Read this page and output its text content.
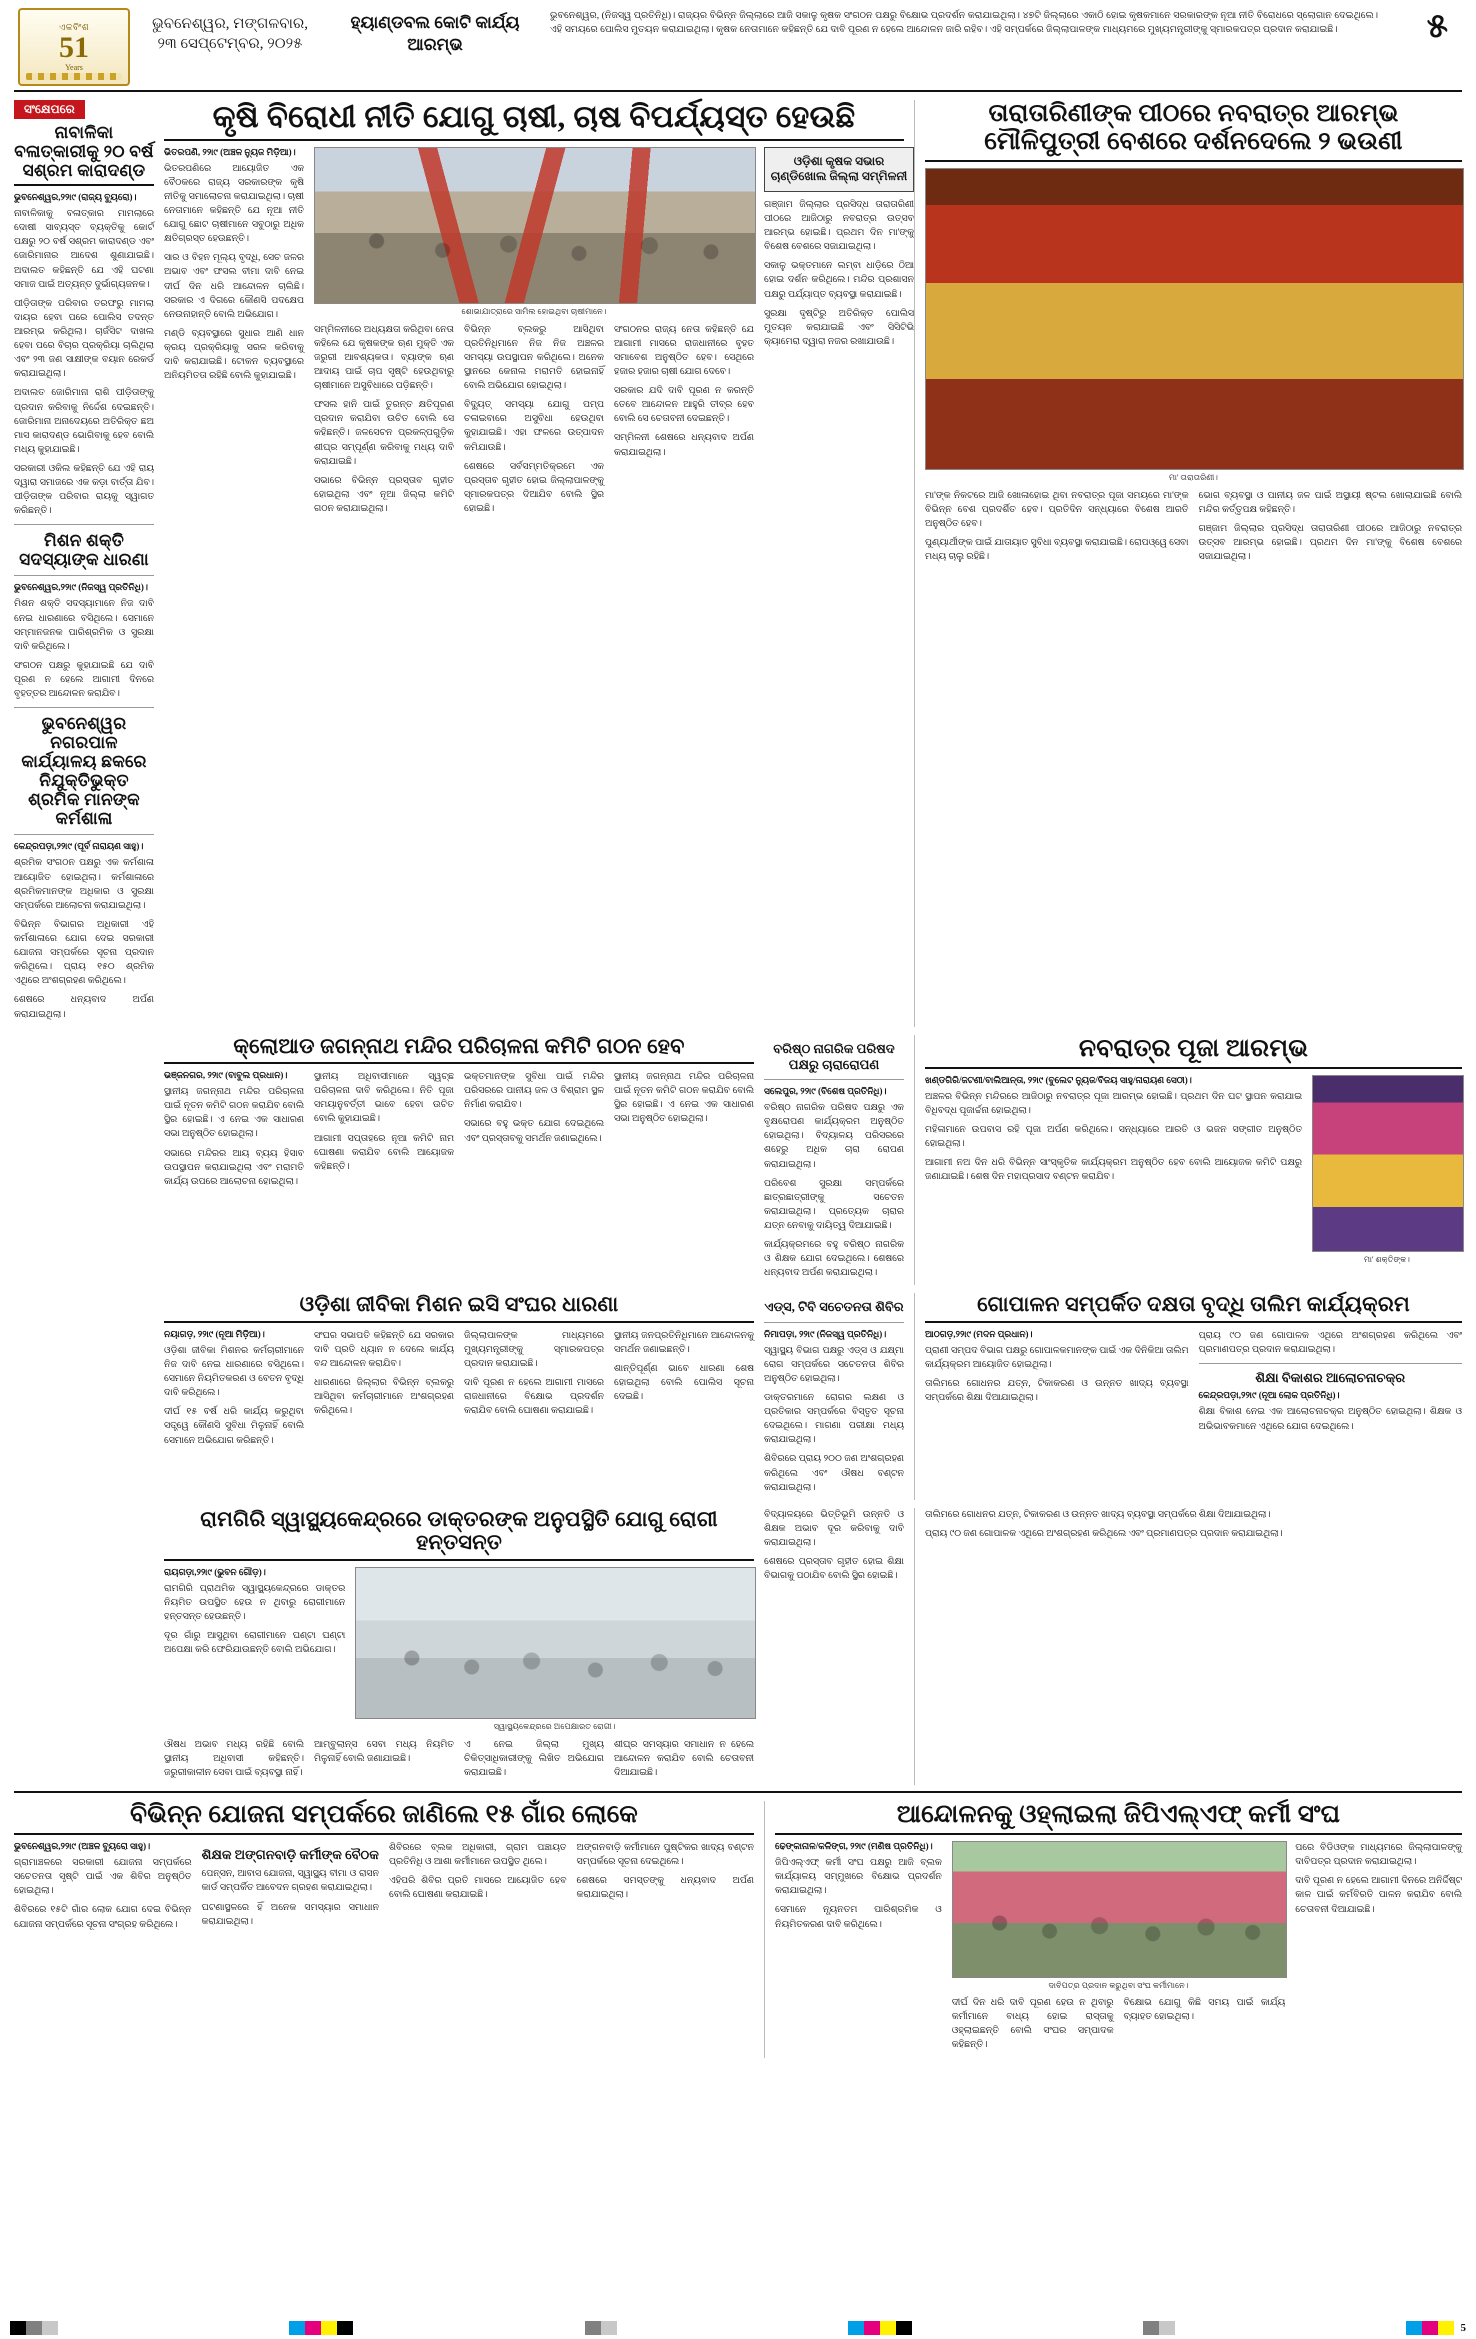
ଏକବିଂଶ
51
Years
ଭୁବନେଶ୍ୱର, ମଙ୍ଗଳବାର,
୨୩ ସେପ୍ଟେମ୍ବର, ୨୦୨୫
ହ୍ୟାଣ୍ଡବଲ କୋଟି କାର୍ଯ୍ୟ ଆରମ୍ଭ
ଭୁବନେଶ୍ୱର, (ନିଜସ୍ୱ ପ୍ରତିନିଧି)। ରାଜ୍ୟର ବିଭିନ୍ନ ଜିଲ୍ଲାରେ ଆଜି ସକାଳୁ କୃଷକ ସଂଗଠନ ପକ୍ଷରୁ ବିକ୍ଷୋଭ ପ୍ରଦର୍ଶନ କରାଯାଇଥିଲା। ୪୭ଟି ଜିଲ୍ଲାରେ ଏକାଠି ହୋଇ କୃଷକମାନେ ସରକାରଙ୍କ ନୂଆ ନୀତି ବିରୋଧରେ ସ୍ଲୋଗାନ ଦେଇଥିଲେ। ଏହି ସମୟରେ ପୋଲିସ ମୁତୟନ କରାଯାଇଥିଲା। କୃଷକ ନେତାମାନେ କହିଛନ୍ତି ଯେ ଦାବି ପୂରଣ ନ ହେଲେ ଆନ୍ଦୋଳନ ଜାରି ରହିବ। ଏହି ସମ୍ପର୍କରେ ଜିଲ୍ଲାପାଳଙ୍କ ମାଧ୍ୟମରେ ମୁଖ୍ୟମନ୍ତ୍ରୀଙ୍କୁ ସ୍ମାରକପତ୍ର ପ୍ରଦାନ କରାଯାଇଛି।	୫
ସଂକ୍ଷେପରେ
ନାବାଳିକା ବଳାତ୍କାରୀକୁ ୨୦ ବର୍ଷ ସଶ୍ରମ କାରାଦଣ୍ଡ
ଭୁବନେଶ୍ୱର,୨୨ା୯ (ରାଜ୍ୟ ବ୍ୟୁରୋ)।

ନାବାଳିକାକୁ ବଳାତ୍କାର ମାମଲାରେ ଦୋଷୀ ସାବ୍ୟସ୍ତ ବ୍ୟକ୍ତିକୁ କୋର୍ଟ ପକ୍ଷରୁ ୨୦ ବର୍ଷ ସଶ୍ରମ କାରାଦଣ୍ଡ ଏବଂ ଜୋରିମାନାର ଆଦେଶ ଶୁଣାଯାଇଛି। ଅଦାଲତ କହିଛନ୍ତି ଯେ ଏହି ଘଟଣା ସମାଜ ପାଇଁ ଅତ୍ୟନ୍ତ ଦୁର୍ଭାଗ୍ୟଜନକ।

ପୀଡ଼ିତାଙ୍କ ପରିବାର ତରଫରୁ ମାମଲା ଦାୟର ହେବା ପରେ ପୋଲିସ ତଦନ୍ତ ଆରମ୍ଭ କରିଥିଲା। ଚାର୍ଜସିଟ ଦାଖଲ ହେବା ପରେ ବିଚାର ପ୍ରକ୍ରିୟା ଚାଲିଥିଲା ଏବଂ ୨୩ ଜଣ ସାକ୍ଷୀଙ୍କ ବୟାନ ରେକର୍ଡ କରାଯାଇଥିଲା।

ଅଦାଲତ ଜୋରିମାନା ରାଶି ପୀଡ଼ିତାଙ୍କୁ ପ୍ରଦାନ କରିବାକୁ ନିର୍ଦ୍ଦେଶ ଦେଇଛନ୍ତି। ଜୋରିମାନା ଅନାଦେୟରେ ଅତିରିକ୍ତ ଛଅ ମାସ କାରାଦଣ୍ଡ ଭୋଗିବାକୁ ହେବ ବୋଲି ମଧ୍ୟ କୁହାଯାଇଛି।

ସରକାରୀ ଓକିଲ କହିଛନ୍ତି ଯେ ଏହି ରାୟ ଦ୍ୱାରା ସମାଜରେ ଏକ କଡ଼ା ବାର୍ତ୍ତା ଯିବ। ପୀଡ଼ିତାଙ୍କ ପରିବାର ରାୟକୁ ସ୍ୱାଗତ କରିଛନ୍ତି।

ମିଶନ ଶକ୍ତି ସଦସ୍ୟାଙ୍କ ଧାରଣା
ଭୁବନେଶ୍ୱର,୨୨ା୯ (ନିଜସ୍ୱ ପ୍ରତିନିଧି)।

ମିଶନ ଶକ୍ତି ସଦସ୍ୟାମାନେ ନିଜ ଦାବି ନେଇ ଧାରଣାରେ ବସିଥିଲେ। ସେମାନେ ସମ୍ମାନଜନକ ପାରିଶ୍ରମିକ ଓ ସୁରକ୍ଷା ଦାବି କରିଥିଲେ।

ସଂଗଠନ ପକ୍ଷରୁ କୁହାଯାଇଛି ଯେ ଦାବି ପୂରଣ ନ ହେଲେ ଆଗାମୀ ଦିନରେ ବୃହତ୍ତର ଆନ୍ଦୋଳନ କରାଯିବ।

ଭୁବନେଶ୍ୱର ନଗରପାଳ କାର୍ଯ୍ୟାଳୟ ଛକରେ ନିଯୁକ୍ତିଭୁକ୍ତ ଶ୍ରମିକ ମାନଙ୍କ କର୍ମଶାଳା
କେନ୍ଦ୍ରପଡ଼ା,୨୨ା୯ (ପୂର୍ବ ନାରାୟଣ ସାହୁ)।

ଶ୍ରମିକ ସଂଗଠନ ପକ୍ଷରୁ ଏକ କର୍ମଶାଳା ଆୟୋଜିତ ହୋଇଥିଲା। କର୍ମଶାଳାରେ ଶ୍ରମିକମାନଙ୍କ ଅଧିକାର ଓ ସୁରକ୍ଷା ସମ୍ପର୍କରେ ଆଲୋଚନା କରାଯାଇଥିଲା।

ବିଭିନ୍ନ ବିଭାଗର ଅଧିକାରୀ ଏହି କର୍ମଶାଳାରେ ଯୋଗ ଦେଇ ସରକାରୀ ଯୋଜନା ସମ୍ପର୍କରେ ସୂଚନା ପ୍ରଦାନ କରିଥିଲେ। ପ୍ରାୟ ୧୫୦ ଶ୍ରମିକ ଏଥିରେ ଅଂଶଗ୍ରହଣ କରିଥିଲେ।

ଶେଷରେ ଧନ୍ୟବାଦ ଅର୍ପଣ କରାଯାଇଥିଲା।

କୃଷି ବିରୋଧୀ ନୀତି ଯୋଗୁ ଚାଷୀ, ଚାଷ ବିପର୍ଯ୍ୟସ୍ତ ହେଉଛି
ଭିତରପଣି, ୨୨ା୯ (ଅଞ୍ଚଳ ନ୍ୟୁଜ ମିଡ଼ିଆ)।

ଭିତରପଣିରେ ଆୟୋଜିତ ଏକ ବୈଠକରେ ରାଜ୍ୟ ସରକାରଙ୍କ କୃଷି ନୀତିକୁ ସମାଲୋଚନା କରାଯାଇଥିଲା। ଚାଷୀ ନେତାମାନେ କହିଛନ୍ତି ଯେ ନୂଆ ନୀତି ଯୋଗୁ ଛୋଟ ଚାଷୀମାନେ ସବୁଠାରୁ ଅଧିକ କ୍ଷତିଗ୍ରସ୍ତ ହେଉଛନ୍ତି।

ସାର ଓ ବିହନ ମୂଲ୍ୟ ବୃଦ୍ଧି, ସେଚ ଜଳର ଅଭାବ ଏବଂ ଫସଲ ବୀମା ଦାବି ନେଇ ଦୀର୍ଘ ଦିନ ଧରି ଆନ୍ଦୋଳନ ଚାଲିଛି। ସରକାର ଏ ଦିଗରେ କୌଣସି ପଦକ୍ଷେପ ନେଉନାହାନ୍ତି ବୋଲି ଅଭିଯୋଗ।

ମଣ୍ଡି ବ୍ୟବସ୍ଥାରେ ସୁଧାର ଆଣି ଧାନ କ୍ରୟ ପ୍ରକ୍ରିୟାକୁ ସରଳ କରିବାକୁ ଦାବି କରାଯାଇଛି। ଟୋକନ ବ୍ୟବସ୍ଥାରେ ଅନିୟମିତତା ରହିଛି ବୋଲି କୁହାଯାଇଛି।

ଶୋଭାଯାତ୍ରାରେ ସାମିଲ ହୋଇଥିବା ଚାଷୀମାନେ।

ସମ୍ମିଳନୀରେ ଅଧ୍ୟକ୍ଷତା କରିଥିବା ନେତା କହିଲେ ଯେ କୃଷକଙ୍କ ଋଣ ମୁକ୍ତି ଏକ ଜରୁରୀ ଆବଶ୍ୟକତା। ବ୍ୟାଙ୍କ ଋଣ ଆଦାୟ ପାଇଁ ଚାପ ସୃଷ୍ଟି ହେଉଥିବାରୁ ଚାଷୀମାନେ ଅସୁବିଧାରେ ପଡ଼ିଛନ୍ତି।

ଫସଲ ହାନି ପାଇଁ ତୁରନ୍ତ କ୍ଷତିପୂରଣ ପ୍ରଦାନ କରାଯିବା ଉଚିତ ବୋଲି ସେ କହିଛନ୍ତି। ଜଳସେଚନ ପ୍ରକଳ୍ପଗୁଡ଼ିକ ଶୀଘ୍ର ସମ୍ପୂର୍ଣ୍ଣ କରିବାକୁ ମଧ୍ୟ ଦାବି କରାଯାଇଛି।

ସଭାରେ ବିଭିନ୍ନ ପ୍ରସ୍ତାବ ଗୃହୀତ ହୋଇଥିଲା ଏବଂ ନୂଆ ଜିଲ୍ଲା କମିଟି ଗଠନ କରାଯାଇଥିଲା।

ବିଭିନ୍ନ ବ୍ଲକରୁ ଆସିଥିବା ପ୍ରତିନିଧିମାନେ ନିଜ ନିଜ ଅଞ୍ଚଳର ସମସ୍ୟା ଉପସ୍ଥାପନ କରିଥିଲେ। ଅନେକ ସ୍ଥାନରେ କେନାଲ ମରାମତି ହୋଇନାହିଁ ବୋଲି ଅଭିଯୋଗ ହୋଇଥିଲା।

ବିଦ୍ୟୁତ୍ ସମସ୍ୟା ଯୋଗୁ ପମ୍ପ ଚଳାଇବାରେ ଅସୁବିଧା ହେଉଥିବା କୁହାଯାଇଛି। ଏହା ଫଳରେ ଉତ୍ପାଦନ କମିଯାଉଛି।

ଶେଷରେ ସର୍ବସମ୍ମତିକ୍ରମେ ଏକ ପ୍ରସ୍ତାବ ଗୃହୀତ ହୋଇ ଜିଲ୍ଲାପାଳଙ୍କୁ ସ୍ମାରକପତ୍ର ଦିଆଯିବ ବୋଲି ସ୍ଥିର ହୋଇଛି।

ସଂଗଠନର ରାଜ୍ୟ ନେତା କହିଛନ୍ତି ଯେ ଆଗାମୀ ମାସରେ ରାଜଧାନୀରେ ବୃହତ ସମାବେଶ ଅନୁଷ୍ଠିତ ହେବ। ସେଥିରେ ହଜାର ହଜାର ଚାଷୀ ଯୋଗ ଦେବେ।

ସରକାର ଯଦି ଦାବି ପୂରଣ ନ କରନ୍ତି ତେବେ ଆନ୍ଦୋଳନ ଆହୁରି ତୀବ୍ର ହେବ ବୋଲି ସେ ଚେତାବନୀ ଦେଇଛନ୍ତି।

ସମ୍ମିଳନୀ ଶେଷରେ ଧନ୍ୟବାଦ ଅର୍ପଣ କରାଯାଇଥିଲା।

ଓଡ଼ିଶା କୃଷକ ସଭାର ଚାଣ୍ଡିଖୋଲ ଜିଲ୍ଲା ସମ୍ମିଳନୀ

ଗଞ୍ଜାମ ଜିଲ୍ଲାର ପ୍ରସିଦ୍ଧ ତାରାତାରିଣୀ ପୀଠରେ ଆଜିଠାରୁ ନବରାତ୍ର ଉତ୍ସବ ଆରମ୍ଭ ହୋଇଛି। ପ୍ରଥମ ଦିନ ମା'ଙ୍କୁ ବିଶେଷ ବେଶରେ ସଜାଯାଇଥିଲା।

ସକାଳୁ ଭକ୍ତମାନେ ଲମ୍ବା ଧାଡ଼ିରେ ଠିଆ ହୋଇ ଦର୍ଶନ କରିଥିଲେ। ମନ୍ଦିର ପ୍ରଶାସନ ପକ୍ଷରୁ ପର୍ଯ୍ୟାପ୍ତ ବ୍ୟବସ୍ଥା କରାଯାଇଛି।

ସୁରକ୍ଷା ଦୃଷ୍ଟିରୁ ଅତିରିକ୍ତ ପୋଲିସ ମୁତୟନ କରାଯାଇଛି ଏବଂ ସିସିଟିଭି କ୍ୟାମେରା ଦ୍ୱାରା ନଜର ରଖାଯାଉଛି।

ତାରାତାରିଣୀଙ୍କ ପୀଠରେ ନବରାତ୍ର ଆରମ୍ଭ
ମୌଳିପୁତ୍ରୀ ବେଶରେ ଦର୍ଶନଦେଲେ ୨ ଭଉଣୀ
ମା' ତାରାତାରିଣୀ।

ମା'ଙ୍କ ନିକଟରେ ଆଜି ଖୋଳାହୋଇ ଥିବା ନବରାତ୍ର ପୂଜା ସମୟରେ ମା'ଙ୍କ ବିଭିନ୍ନ ବେଶ ପ୍ରଦର୍ଶିତ ହେବ। ପ୍ରତିଦିନ ସନ୍ଧ୍ୟାରେ ବିଶେଷ ଆରତି ଅନୁଷ୍ଠିତ ହେବ।

ପୁଣ୍ୟାର୍ଥୀଙ୍କ ପାଇଁ ଯାତାୟାତ ସୁବିଧା ବ୍ୟବସ୍ଥା କରାଯାଇଛି। ରୋପଓ୍ୱେ ସେବା ମଧ୍ୟ ଚାଲୁ ରହିଛି।

ଭୋଗ ବ୍ୟବସ୍ଥା ଓ ପାନୀୟ ଜଳ ପାଇଁ ଅସ୍ଥାୟୀ ଷ୍ଟଲ ଖୋଲାଯାଇଛି ବୋଲି ମନ୍ଦିର କର୍ତ୍ତୃପକ୍ଷ କହିଛନ୍ତି।

ଗଞ୍ଜାମ ଜିଲ୍ଲାର ପ୍ରସିଦ୍ଧ ତାରାତାରିଣୀ ପୀଠରେ ଆଜିଠାରୁ ନବରାତ୍ର ଉତ୍ସବ ଆରମ୍ଭ ହୋଇଛି। ପ୍ରଥମ ଦିନ ମା'ଙ୍କୁ ବିଶେଷ ବେଶରେ ସଜାଯାଇଥିଲା।

କ୍ଲୋଆଡ ଜଗନ୍ନାଥ ମନ୍ଦିର ପରିଚାଳନା କମିଟି ଗଠନ ହେବ
ଭଞ୍ଜନଗର, ୨୨ା୯ (ବାବୁଲ ପ୍ରଧାନ)।

ସ୍ଥାନୀୟ ଜଗନ୍ନାଥ ମନ୍ଦିର ପରିଚାଳନା ପାଇଁ ନୂତନ କମିଟି ଗଠନ କରାଯିବ ବୋଲି ସ୍ଥିର ହୋଇଛି। ଏ ନେଇ ଏକ ସାଧାରଣ ସଭା ଅନୁଷ୍ଠିତ ହୋଇଥିଲା।

ସଭାରେ ମନ୍ଦିରର ଆୟ ବ୍ୟୟ ହିସାବ ଉପସ୍ଥାପନ କରାଯାଇଥିଲା ଏବଂ ମରାମତି କାର୍ଯ୍ୟ ଉପରେ ଆଲୋଚନା ହୋଇଥିଲା।

ସ୍ଥାନୀୟ ଅଧିବାସୀମାନେ ସ୍ୱଚ୍ଛ ପରିଚାଳନା ଦାବି କରିଥିଲେ। ନିତି ପୂଜା ସମୟାନୁବର୍ତ୍ତୀ ଭାବେ ହେବା ଉଚିତ ବୋଲି କୁହାଯାଇଛି।

ଆଗାମୀ ସପ୍ତାହରେ ନୂଆ କମିଟି ନାମ ଘୋଷଣା କରାଯିବ ବୋଲି ଆୟୋଜକ କହିଛନ୍ତି।

ଭକ୍ତମାନଙ୍କ ସୁବିଧା ପାଇଁ ମନ୍ଦିର ପରିସରରେ ପାନୀୟ ଜଳ ଓ ବିଶ୍ରାମ ସ୍ଥଳ ନିର୍ମାଣ କରାଯିବ।

ସଭାରେ ବହୁ ଭକ୍ତ ଯୋଗ ଦେଇଥିଲେ ଏବଂ ପ୍ରସ୍ତାବକୁ ସମର୍ଥନ ଜଣାଇଥିଲେ।

ସ୍ଥାନୀୟ ଜଗନ୍ନାଥ ମନ୍ଦିର ପରିଚାଳନା ପାଇଁ ନୂତନ କମିଟି ଗଠନ କରାଯିବ ବୋଲି ସ୍ଥିର ହୋଇଛି। ଏ ନେଇ ଏକ ସାଧାରଣ ସଭା ଅନୁଷ୍ଠିତ ହୋଇଥିଲା।

ବରିଷ୍ଠ ନାଗରିକ ପରିଷଦ ପକ୍ଷରୁ ଚାରାରୋପଣ
ସଲେପୁର, ୨୨ା୯ (ବିଶେଷ ପ୍ରତିନିଧି)।

ବରିଷ୍ଠ ନାଗରିକ ପରିଷଦ ପକ୍ଷରୁ ଏକ ବୃକ୍ଷରୋପଣ କାର୍ଯ୍ୟକ୍ରମ ଅନୁଷ୍ଠିତ ହୋଇଥିଲା। ବିଦ୍ୟାଳୟ ପରିସରରେ ଶହେରୁ ଅଧିକ ଚାରା ରୋପଣ କରାଯାଇଥିଲା।

ପରିବେଶ ସୁରକ୍ଷା ସମ୍ପର୍କରେ ଛାତ୍ରଛାତ୍ରୀଙ୍କୁ ସଚେତନ କରାଯାଇଥିଲା। ପ୍ରତ୍ୟେକ ଚାରାର ଯତ୍ନ ନେବାକୁ ଦାୟିତ୍ୱ ଦିଆଯାଇଛି।

କାର୍ଯ୍ୟକ୍ରମରେ ବହୁ ବରିଷ୍ଠ ନାଗରିକ ଓ ଶିକ୍ଷକ ଯୋଗ ଦେଇଥିଲେ। ଶେଷରେ ଧନ୍ୟବାଦ ଅର୍ପଣ କରାଯାଇଥିଲା।

ନବରାତ୍ର ପୂଜା ଆରମ୍ଭ
ଖଣ୍ଡଗିରି/ଜଟଣୀ/ବାଲିଆନ୍ତା, ୨୨ା୯ (ବୁଲେଟ ନ୍ୟୁଜ/ବିଜୟ ସାହୁ/ନାରାୟଣ ସେଠୀ)।

ଅଞ୍ଚଳର ବିଭିନ୍ନ ମନ୍ଦିରରେ ଆଜିଠାରୁ ନବରାତ୍ର ପୂଜା ଆରମ୍ଭ ହୋଇଛି। ପ୍ରଥମ ଦିନ ଘଟ ସ୍ଥାପନ କରାଯାଇ ବିଧିବଦ୍ଧ ପୂଜାର୍ଚ୍ଚନା ହୋଇଥିଲା।

ମହିଳାମାନେ ଉପବାସ ରହି ପୂଜା ଅର୍ପଣ କରିଥିଲେ। ସନ୍ଧ୍ୟାରେ ଆରତି ଓ ଭଜନ ସଙ୍ଗୀତ ଅନୁଷ୍ଠିତ ହୋଇଥିଲା।

ଆଗାମୀ ନଅ ଦିନ ଧରି ବିଭିନ୍ନ ସାଂସ୍କୃତିକ କାର୍ଯ୍ୟକ୍ରମ ଅନୁଷ୍ଠିତ ହେବ ବୋଲି ଆୟୋଜକ କମିଟି ପକ୍ଷରୁ ଜଣାଯାଇଛି। ଶେଷ ଦିନ ମହାପ୍ରସାଦ ବଣ୍ଟନ କରାଯିବ।

ମା' ଶକ୍ତିଙ୍କ।
ଓଡ଼ିଶା ଜୀବିକା ମିଶନ ଇସି ସଂଘର ଧାରଣା
ନୟାଗଡ଼, ୨୨ା୯ (ନୂଆ ମିଡ଼ିଆ)।

ଓଡ଼ିଶା ଜୀବିକା ମିଶନର କର୍ମଚାରୀମାନେ ନିଜ ଦାବି ନେଇ ଧାରଣାରେ ବସିଥିଲେ। ସେମାନେ ନିୟମିତକରଣ ଓ ବେତନ ବୃଦ୍ଧି ଦାବି କରିଥିଲେ।

ଦୀର୍ଘ ୧୫ ବର୍ଷ ଧରି କାର୍ଯ୍ୟ କରୁଥିବା ସତ୍ତ୍ୱେ କୌଣସି ସୁବିଧା ମିଳୁନାହିଁ ବୋଲି ସେମାନେ ଅଭିଯୋଗ କରିଛନ୍ତି।

ସଂଘର ସଭାପତି କହିଛନ୍ତି ଯେ ସରକାର ଦାବି ପ୍ରତି ଧ୍ୟାନ ନ ଦେଲେ କାର୍ଯ୍ୟ ବନ୍ଦ ଆନ୍ଦୋଳନ କରାଯିବ।

ଧାରଣାରେ ଜିଲ୍ଲାର ବିଭିନ୍ନ ବ୍ଲକରୁ ଆସିଥିବା କର୍ମଚାରୀମାନେ ଅଂଶଗ୍ରହଣ କରିଥିଲେ।

ଜିଲ୍ଲାପାଳଙ୍କ ମାଧ୍ୟମରେ ମୁଖ୍ୟମନ୍ତ୍ରୀଙ୍କୁ ସ୍ମାରକପତ୍ର ପ୍ରଦାନ କରାଯାଇଛି।

ଦାବି ପୂରଣ ନ ହେଲେ ଆଗାମୀ ମାସରେ ରାଜଧାନୀରେ ବିକ୍ଷୋଭ ପ୍ରଦର୍ଶନ କରାଯିବ ବୋଲି ଘୋଷଣା କରାଯାଇଛି।

ସ୍ଥାନୀୟ ଜନପ୍ରତିନିଧିମାନେ ଆନ୍ଦୋଳନକୁ ସମର୍ଥନ ଜଣାଇଛନ୍ତି।

ଶାନ୍ତିପୂର୍ଣ୍ଣ ଭାବେ ଧାରଣା ଶେଷ ହୋଇଥିଲା ବୋଲି ପୋଲିସ ସୂଚନା ଦେଇଛି।

ଏଡ୍ସ, ଟିବି ସଚେତନତା ଶିବିର
ନିମାପଡ଼ା, ୨୨ା୯ (ନିଜସ୍ୱ ପ୍ରତିନିଧି)।

ସ୍ୱାସ୍ଥ୍ୟ ବିଭାଗ ପକ୍ଷରୁ ଏଡ୍ସ ଓ ଯକ୍ଷ୍ମା ରୋଗ ସମ୍ପର୍କରେ ସଚେତନତା ଶିବିର ଅନୁଷ୍ଠିତ ହୋଇଥିଲା।

ଡାକ୍ତରମାନେ ରୋଗର ଲକ୍ଷଣ ଓ ପ୍ରତିକାର ସମ୍ପର୍କରେ ବିସ୍ତୃତ ସୂଚନା ଦେଇଥିଲେ। ମାଗଣା ପରୀକ୍ଷା ମଧ୍ୟ କରାଯାଇଥିଲା।

ଶିବିରରେ ପ୍ରାୟ ୨୦୦ ଜଣ ଅଂଶଗ୍ରହଣ କରିଥିଲେ ଏବଂ ଔଷଧ ବଣ୍ଟନ କରାଯାଇଥିଲା।

ଗୋପାଳନ ସମ୍ପର୍କିତ ଦକ୍ଷତା ବୃଦ୍ଧି ତାଲିମ କାର୍ଯ୍ୟକ୍ରମ
ଆଠଗଡ଼,୨୨ା୯ (ମଦନ ପ୍ରଧାନ)।

ପ୍ରାଣୀ ସମ୍ପଦ ବିଭାଗ ପକ୍ଷରୁ ଗୋପାଳକମାନଙ୍କ ପାଇଁ ଏକ ଦିନିକିଆ ତାଲିମ କାର୍ଯ୍ୟକ୍ରମ ଆୟୋଜିତ ହୋଇଥିଲା।

ତାଲିମରେ ଗୋଧନର ଯତ୍ନ, ଟିକାକରଣ ଓ ଉନ୍ନତ ଖାଦ୍ୟ ବ୍ୟବସ୍ଥା ସମ୍ପର୍କରେ ଶିକ୍ଷା ଦିଆଯାଇଥିଲା।

ପ୍ରାୟ ୯୦ ଜଣ ଗୋପାଳକ ଏଥିରେ ଅଂଶଗ୍ରହଣ କରିଥିଲେ ଏବଂ ପ୍ରମାଣପତ୍ର ପ୍ରଦାନ କରାଯାଇଥିଲା।

ଶିକ୍ଷା ବିକାଶର ଆଲୋଚନାଚକ୍ର
କେନ୍ଦ୍ରପଡ଼ା,୨୨ା୯ (ନୂଆ ଲୋକ ପ୍ରତିନିଧି)।

ଶିକ୍ଷା ବିକାଶ ନେଇ ଏକ ଆଲୋଚନାଚକ୍ର ଅନୁଷ୍ଠିତ ହୋଇଥିଲା। ଶିକ୍ଷକ ଓ ଅଭିଭାବକମାନେ ଏଥିରେ ଯୋଗ ଦେଇଥିଲେ।

ରାମଗିରି ସ୍ୱାସ୍ଥ୍ୟକେନ୍ଦ୍ରରେ ଡାକ୍ତରଙ୍କ ଅନୁପସ୍ଥିତି ଯୋଗୁ ରୋଗୀ ହନ୍ତସନ୍ତ
ରାୟଗଡ଼ା,୨୨ା୯ (ଭୁବନ ଗୌଡ଼)।

ରାମଗିରି ପ୍ରାଥମିକ ସ୍ୱାସ୍ଥ୍ୟକେନ୍ଦ୍ରରେ ଡାକ୍ତର ନିୟମିତ ଉପସ୍ଥିତ ହେଉ ନ ଥିବାରୁ ରୋଗୀମାନେ ହନ୍ତସନ୍ତ ହେଉଛନ୍ତି।

ଦୂର ଗାଁରୁ ଆସୁଥିବା ରୋଗୀମାନେ ଘଣ୍ଟା ଘଣ୍ଟା ଅପେକ୍ଷା କରି ଫେରିଯାଉଛନ୍ତି ବୋଲି ଅଭିଯୋଗ।

ସ୍ୱାସ୍ଥ୍ୟକେନ୍ଦ୍ରରେ ଅପେକ୍ଷାରତ ରୋଗୀ।

ଔଷଧ ଅଭାବ ମଧ୍ୟ ରହିଛି ବୋଲି ସ୍ଥାନୀୟ ଅଧିବାସୀ କହିଛନ୍ତି। ଜରୁରୀକାଳୀନ ସେବା ପାଇଁ ବ୍ୟବସ୍ଥା ନାହିଁ।

ଆମ୍ବୁଲାନ୍ସ ସେବା ମଧ୍ୟ ନିୟମିତ ମିଳୁନାହିଁ ବୋଲି ଜଣାଯାଇଛି।

ଏ ନେଇ ଜିଲ୍ଲା ମୁଖ୍ୟ ଚିକିତ୍ସାଧିକାରୀଙ୍କୁ ଲିଖିତ ଅଭିଯୋଗ କରାଯାଇଛି।

ଶୀଘ୍ର ସମସ୍ୟାର ସମାଧାନ ନ ହେଲେ ଆନ୍ଦୋଳନ କରାଯିବ ବୋଲି ଚେତାବନୀ ଦିଆଯାଇଛି।

ବିଦ୍ୟାଳୟରେ ଭିତ୍ତିଭୂମି ଉନ୍ନତି ଓ ଶିକ୍ଷକ ଅଭାବ ଦୂର କରିବାକୁ ଦାବି କରାଯାଇଥିଲା।

ଶେଷରେ ପ୍ରସ୍ତାବ ଗୃହୀତ ହୋଇ ଶିକ୍ଷା ବିଭାଗକୁ ପଠାଯିବ ବୋଲି ସ୍ଥିର ହୋଇଛି।

ତାଲିମରେ ଗୋଧନର ଯତ୍ନ, ଟିକାକରଣ ଓ ଉନ୍ନତ ଖାଦ୍ୟ ବ୍ୟବସ୍ଥା ସମ୍ପର୍କରେ ଶିକ୍ଷା ଦିଆଯାଇଥିଲା।

ପ୍ରାୟ ୯୦ ଜଣ ଗୋପାଳକ ଏଥିରେ ଅଂଶଗ୍ରହଣ କରିଥିଲେ ଏବଂ ପ୍ରମାଣପତ୍ର ପ୍ରଦାନ କରାଯାଇଥିଲା।

ବିଭିନ୍ନ ଯୋଜନା ସମ୍ପର୍କରେ ଜାଣିଲେ ୧୫ ଗାଁର ଲୋକେ
ଭୁବନେଶ୍ୱର,୨୨ା୯ (ଅଞ୍ଚଳ ବ୍ୟୁରୋ ସାହୁ)।

ଗ୍ରାମାଞ୍ଚଳରେ ସରକାରୀ ଯୋଜନା ସମ୍ପର୍କରେ ସଚେତନତା ସୃଷ୍ଟି ପାଇଁ ଏକ ଶିବିର ଅନୁଷ୍ଠିତ ହୋଇଥିଲା।

ଶିବିରରେ ୧୫ଟି ଗାଁର ଲୋକ ଯୋଗ ଦେଇ ବିଭିନ୍ନ ଯୋଜନା ସମ୍ପର୍କରେ ସୂଚନା ସଂଗ୍ରହ କରିଥିଲେ।

ଶିକ୍ଷକ ଅଙ୍ଗନବାଡ଼ି କର୍ମୀଙ୍କ ବୈଠକ

ପେନ୍‌ସନ, ଆବାସ ଯୋଜନା, ସ୍ୱାସ୍ଥ୍ୟ ବୀମା ଓ ରାସନ କାର୍ଡ ସମ୍ପର୍କିତ ଆବେଦନ ଗ୍ରହଣ କରାଯାଇଥିଲା।

ଘଟଣାସ୍ଥଳରେ ହିଁ ଅନେକ ସମସ୍ୟାର ସମାଧାନ କରାଯାଇଥିଲା।

ଶିବିରରେ ବ୍ଲକ ଅଧିକାରୀ, ଗ୍ରାମ ପଞ୍ଚାୟତ ପ୍ରତିନିଧି ଓ ଆଶା କର୍ମୀମାନେ ଉପସ୍ଥିତ ଥିଲେ।

ଏହିପରି ଶିବିର ପ୍ରତି ମାସରେ ଆୟୋଜିତ ହେବ ବୋଲି ଘୋଷଣା କରାଯାଇଛି।

ଅଙ୍ଗନବାଡ଼ି କର୍ମୀମାନେ ପୁଷ୍ଟିକର ଖାଦ୍ୟ ବଣ୍ଟନ ସମ୍ପର୍କରେ ସୂଚନା ଦେଇଥିଲେ।

ଶେଷରେ ସମସ୍ତଙ୍କୁ ଧନ୍ୟବାଦ ଅର୍ପଣ କରାଯାଇଥିଲା।

ଆନ୍ଦୋଳନକୁ ଓହ୍ଲାଇଲା ଜିପିଏଲ୍‌ଏଫ୍ କର୍ମୀ ସଂଘ
ଢେଙ୍କାନାଳ/କଳିଙ୍ଗ, ୨୨ା୯ (ମଣିଷ ପ୍ରତିନିଧି)।

ଜିପିଏଲ୍‌ଏଫ୍ କର୍ମୀ ସଂଘ ପକ୍ଷରୁ ଆଜି ବ୍ଲକ କାର୍ଯ୍ୟାଳୟ ସମ୍ମୁଖରେ ବିକ୍ଷୋଭ ପ୍ରଦର୍ଶନ କରାଯାଇଥିଲା।

ସେମାନେ ନ୍ୟୂନତମ ପାରିଶ୍ରମିକ ଓ ନିୟମିତକରଣ ଦାବି କରିଥିଲେ।

ଦାବିପତ୍ର ପ୍ରଦାନ କରୁଥିବା ସଂଘ କର୍ମୀମାନେ।

ଦୀର୍ଘ ଦିନ ଧରି ଦାବି ପୂରଣ ହେଉ ନ ଥିବାରୁ କର୍ମୀମାନେ ବାଧ୍ୟ ହୋଇ ରାସ୍ତାକୁ ଓହ୍ଲାଇଛନ୍ତି ବୋଲି ସଂଘର ସମ୍ପାଦକ କହିଛନ୍ତି।

ବିକ୍ଷୋଭ ଯୋଗୁ କିଛି ସମୟ ପାଇଁ କାର୍ଯ୍ୟ ବ୍ୟାହତ ହୋଇଥିଲା।

ପରେ ବିଡିଓଙ୍କ ମାଧ୍ୟମରେ ଜିଲ୍ଲାପାଳଙ୍କୁ ଦାବିପତ୍ର ପ୍ରଦାନ କରାଯାଇଥିଲା।

ଦାବି ପୂରଣ ନ ହେଲେ ଆଗାମୀ ଦିନରେ ଅନିର୍ଦ୍ଦିଷ୍ଟ କାଳ ପାଇଁ କର୍ମବିରତି ପାଳନ କରାଯିବ ବୋଲି ଚେତାବନୀ ଦିଆଯାଇଛି।

5
